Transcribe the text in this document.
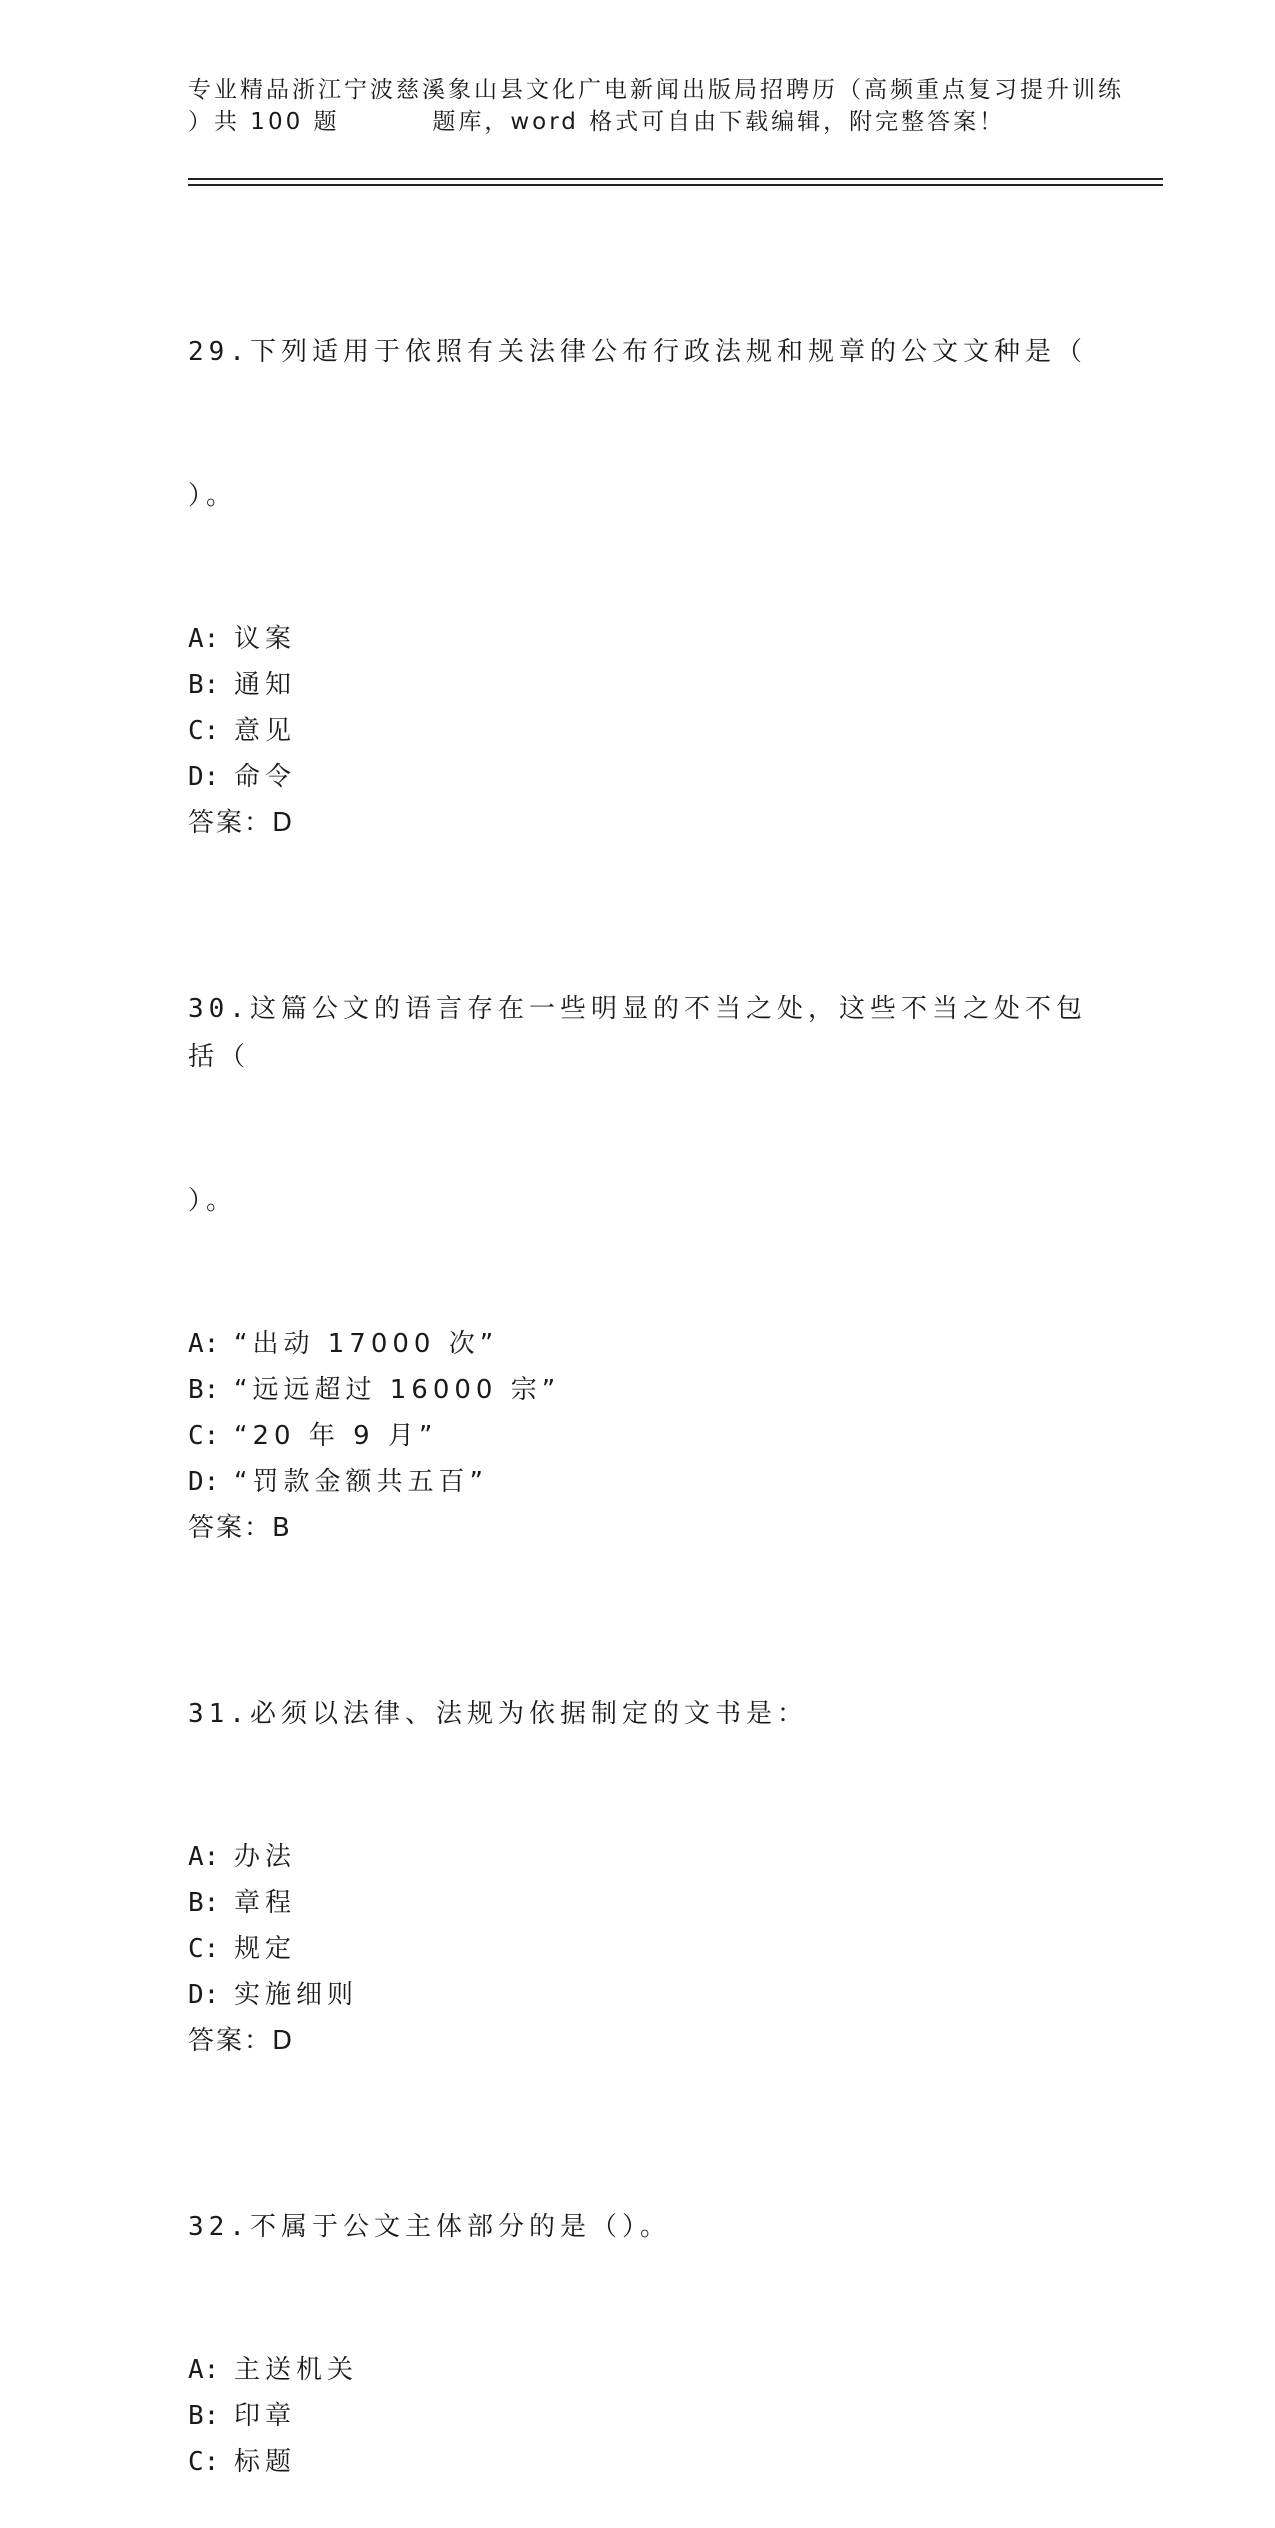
专业精品浙江宁波慈溪象山县文化广电新闻出版局招聘历（高频重点复习提升训练
）共 100 题         题库，word 格式可自由下载编辑，附完整答案！

29.下列适用于依照有关法律公布行政法规和规章的公文文种是（

）。

A: 议案
B: 通知
C: 意见
D: 命令
答案：D

30.这篇公文的语言存在一些明显的不当之处，这些不当之处不包括（

）。

A: “出动 17000 次”
B: “远远超过 16000 宗”
C: “20 年 9 月”
D: “罚款金额共五百”
答案：B

31.必须以法律、法规为依据制定的文书是：

A: 办法
B: 章程
C: 规定
D: 实施细则
答案：D

32.不属于公文主体部分的是（）。

A: 主送机关
B: 印章
C: 标题
